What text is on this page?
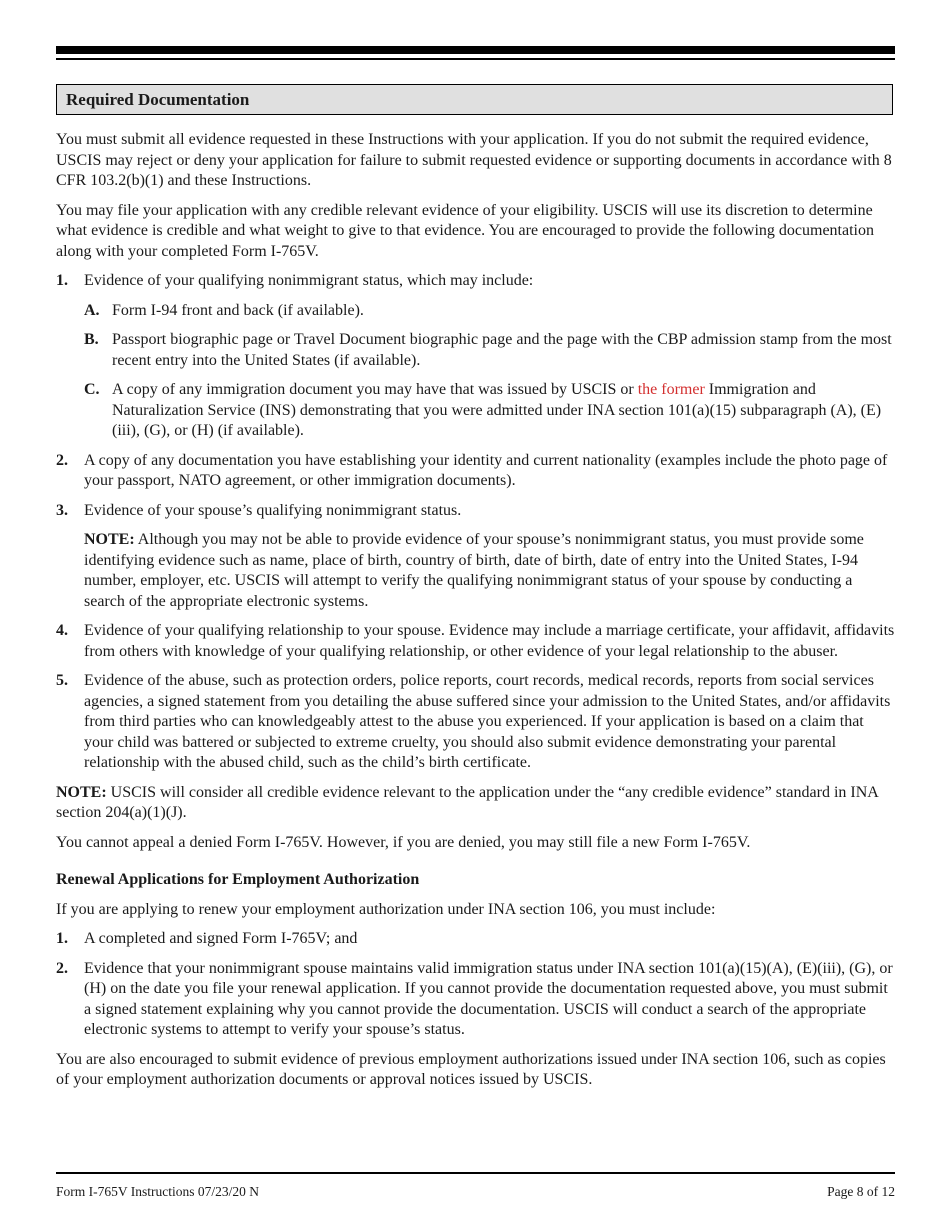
Required Documentation

You must submit all evidence requested in these Instructions with your application. If you do not submit the required evidence, USCIS may reject or deny your application for failure to submit requested evidence or supporting documents in accordance with 8 CFR 103.2(b)(1) and these Instructions.

You may file your application with any credible relevant evidence of your eligibility. USCIS will use its discretion to determine what evidence is credible and what weight to give to that evidence. You are encouraged to provide the following documentation along with your completed Form I-765V.

1.	Evidence of your qualifying nonimmigrant status, which may include:
A. Form I-94 front and back (if available).
B. Passport biographic page or Travel Document biographic page and the page with the CBP admission stamp from the most recent entry into the United States (if available).
C. A copy of any immigration document you may have that was issued by USCIS or the former Immigration and Naturalization Service (INS) demonstrating that you were admitted under INA section 101(a)(15) subparagraph (A), (E)(iii), (G), or (H) (if available).
2.	A copy of any documentation you have establishing your identity and current nationality (examples include the photo page of your passport, NATO agreement, or other immigration documents).
3.	Evidence of your spouse’s qualifying nonimmigrant status.
NOTE: Although you may not be able to provide evidence of your spouse’s nonimmigrant status, you must provide some identifying evidence such as name, place of birth, country of birth, date of birth, date of entry into the United States, I-94 number, employer, etc. USCIS will attempt to verify the qualifying nonimmigrant status of your spouse by conducting a search of the appropriate electronic systems.
4.	Evidence of your qualifying relationship to your spouse. Evidence may include a marriage certificate, your affidavit, affidavits from others with knowledge of your qualifying relationship, or other evidence of your legal relationship to the abuser.
5.	Evidence of the abuse, such as protection orders, police reports, court records, medical records, reports from social services agencies, a signed statement from you detailing the abuse suffered since your admission to the United States, and/or affidavits from third parties who can knowledgeably attest to the abuse you experienced. If your application is based on a claim that your child was battered or subjected to extreme cruelty, you should also submit evidence demonstrating your parental relationship with the abused child, such as the child’s birth certificate.

NOTE: USCIS will consider all credible evidence relevant to the application under the “any credible evidence” standard in INA section 204(a)(1)(J).

You cannot appeal a denied Form I-765V. However, if you are denied, you may still file a new Form I-765V.

Renewal Applications for Employment Authorization

If you are applying to renew your employment authorization under INA section 106, you must include:

1.	A completed and signed Form I-765V; and
2.	Evidence that your nonimmigrant spouse maintains valid immigration status under INA section 101(a)(15)(A), (E)(iii), (G), or (H) on the date you file your renewal application. If you cannot provide the documentation requested above, you must submit a signed statement explaining why you cannot provide the documentation. USCIS will conduct a search of the appropriate electronic systems to attempt to verify your spouse’s status.

You are also encouraged to submit evidence of previous employment authorizations issued under INA section 106, such as copies of your employment authorization documents or approval notices issued by USCIS.

Form I-765V Instructions 07/23/20 N	Page 8 of 12
